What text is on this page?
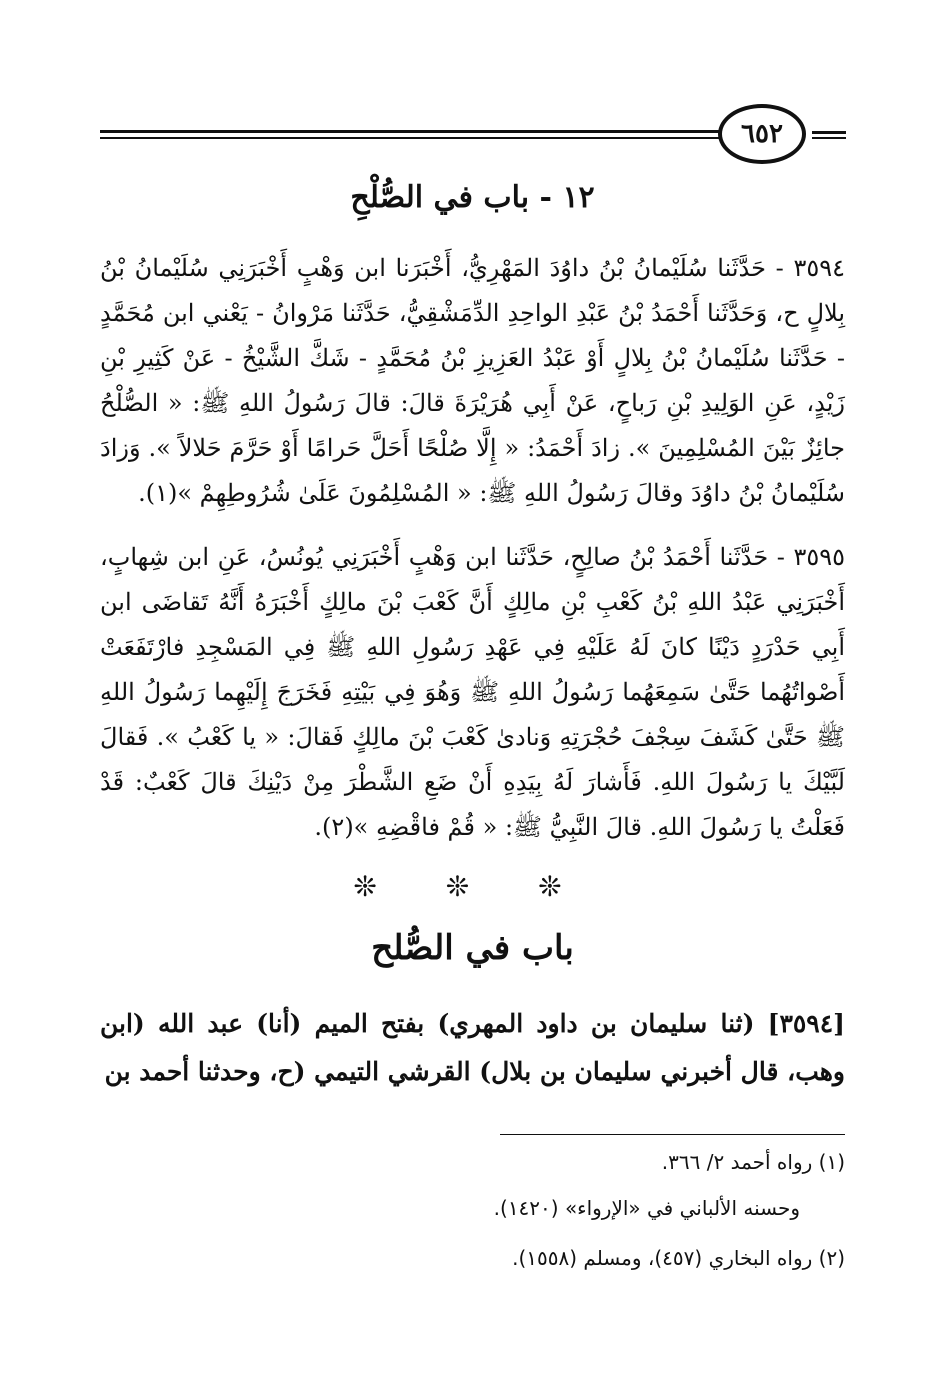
٦٥٢
١٢ - باب في الصُّلْحِ
٣٥٩٤ - حَدَّثَنا سُلَيْمانُ بْنُ داوُدَ المَهْرِيُّ، أَخْبَرَنا ابن وَهْبٍ أَخْبَرَنِي سُلَيْمانُ بْنُ بِلالٍ ح، وَحَدَّثَنا أَحْمَدُ بْنُ عَبْدِ الواحِدِ الدِّمَشْقِيُّ، حَدَّثَنا مَرْوانُ - يَعْني ابن مُحَمَّدٍ - حَدَّثَنا سُلَيْمانُ بْنُ بِلالٍ أَوْ عَبْدُ العَزِيزِ بْنُ مُحَمَّدٍ - شَكَّ الشَّيْخُ - عَنْ كَثِيرِ بْنِ زَيْدٍ، عَنِ الوَلِيدِ بْنِ رَباحٍ، عَنْ أَبِي هُرَيْرَةَ قالَ: قالَ رَسُولُ اللهِ ﷺ: « الصُّلْحُ جائِزٌ بَيْنَ المُسْلِمِينَ ». زادَ أَحْمَدُ: « إِلَّا صُلْحًا أَحَلَّ حَرامًا أَوْ حَرَّمَ حَلالاً ». وَزادَ سُلَيْمانُ بْنُ داوُدَ وقالَ رَسُولُ اللهِ ﷺ: « المُسْلِمُونَ عَلَىٰ شُرُوطِهِمْ »(١).
٣٥٩٥ - حَدَّثَنا أَحْمَدُ بْنُ صالِحٍ، حَدَّثَنا ابن وَهْبٍ أَخْبَرَنِي يُونُسُ، عَنِ ابن شِهابٍ، أَخْبَرَنِي عَبْدُ اللهِ بْنُ كَعْبِ بْنِ مالِكٍ أَنَّ كَعْبَ بْنَ مالِكٍ أَخْبَرَهُ أَنَّهُ تَقاضَى ابن أَبِي حَدْرَدٍ دَيْنًا كانَ لَهُ عَلَيْهِ فِي عَهْدِ رَسُولِ اللهِ ﷺ فِي المَسْجِدِ فارْتَفَعَتْ أَصْواتُهُما حَتَّىٰ سَمِعَهُما رَسُولُ اللهِ ﷺ وَهُوَ فِي بَيْتِهِ فَخَرَجَ إِلَيْهِما رَسُولُ اللهِ ﷺ حَتَّىٰ كَشَفَ سِجْفَ حُجْرَتِهِ وَنادىٰ كَعْبَ بْنَ مالِكٍ فَقالَ: « يا كَعْبُ ». فَقالَ لَبَّيْكَ يا رَسُولَ اللهِ. فَأَشارَ لَهُ بِيَدِهِ أَنْ ضَعِ الشَّطْرَ مِنْ دَيْنِكَ قالَ كَعْبٌ: قَدْ فَعَلْتُ يا رَسُولَ اللهِ. قالَ النَّبِيُّ ﷺ: « قُمْ فاقْضِهِ »(٢).
❊ ❊ ❊
باب في الصُّلح
[٣٥٩٤] (ثنا سليمان بن داود المهري) بفتح الميم (أنا) عبد الله (ابن وهب، قال أخبرني سليمان بن بلال) القرشي التيمي (ح، وحدثنا أحمد بن
(١) رواه أحمد ٢/ ٣٦٦.
وحسنه الألباني في «الإرواء» (١٤٢٠).
(٢) رواه البخاري (٤٥٧)، ومسلم (١٥٥٨).
